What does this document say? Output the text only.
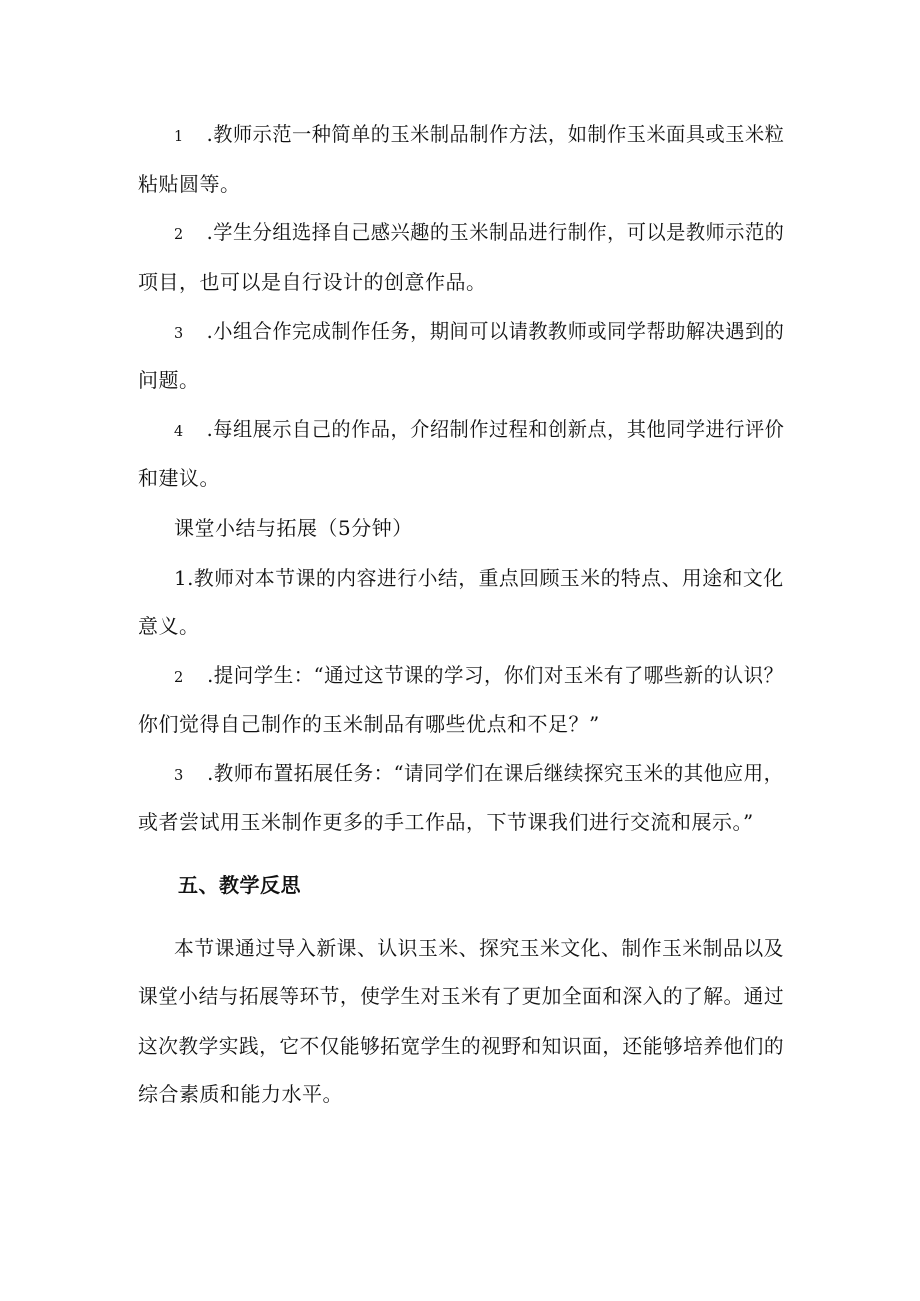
1 .教师示范一种简单的玉米制品制作方法，如制作玉米面具或玉米粒
粘贴圆等。
2 .学生分组选择自己感兴趣的玉米制品进行制作，可以是教师示范的
项目，也可以是自行设计的创意作品。
3 .小组合作完成制作任务，期间可以请教教师或同学帮助解决遇到的
问题。
4 .每组展示自己的作品，介绍制作过程和创新点，其他同学进行评价
和建议。
课堂小结与拓展（5分钟）
1.教师对本节课的内容进行小结，重点回顾玉米的特点、用途和文化
意义。
2 .提问学生：“通过这节课的学习，你们对玉米有了哪些新的认识？
你们觉得自己制作的玉米制品有哪些优点和不足？”
3 .教师布置拓展任务：“请同学们在课后继续探究玉米的其他应用，
或者尝试用玉米制作更多的手工作品，下节课我们进行交流和展示。”
五、教学反思
本节课通过导入新课、认识玉米、探究玉米文化、制作玉米制品以及
课堂小结与拓展等环节，使学生对玉米有了更加全面和深入的了解。通过
这次教学实践，它不仅能够拓宽学生的视野和知识面，还能够培养他们的
综合素质和能力水平。
